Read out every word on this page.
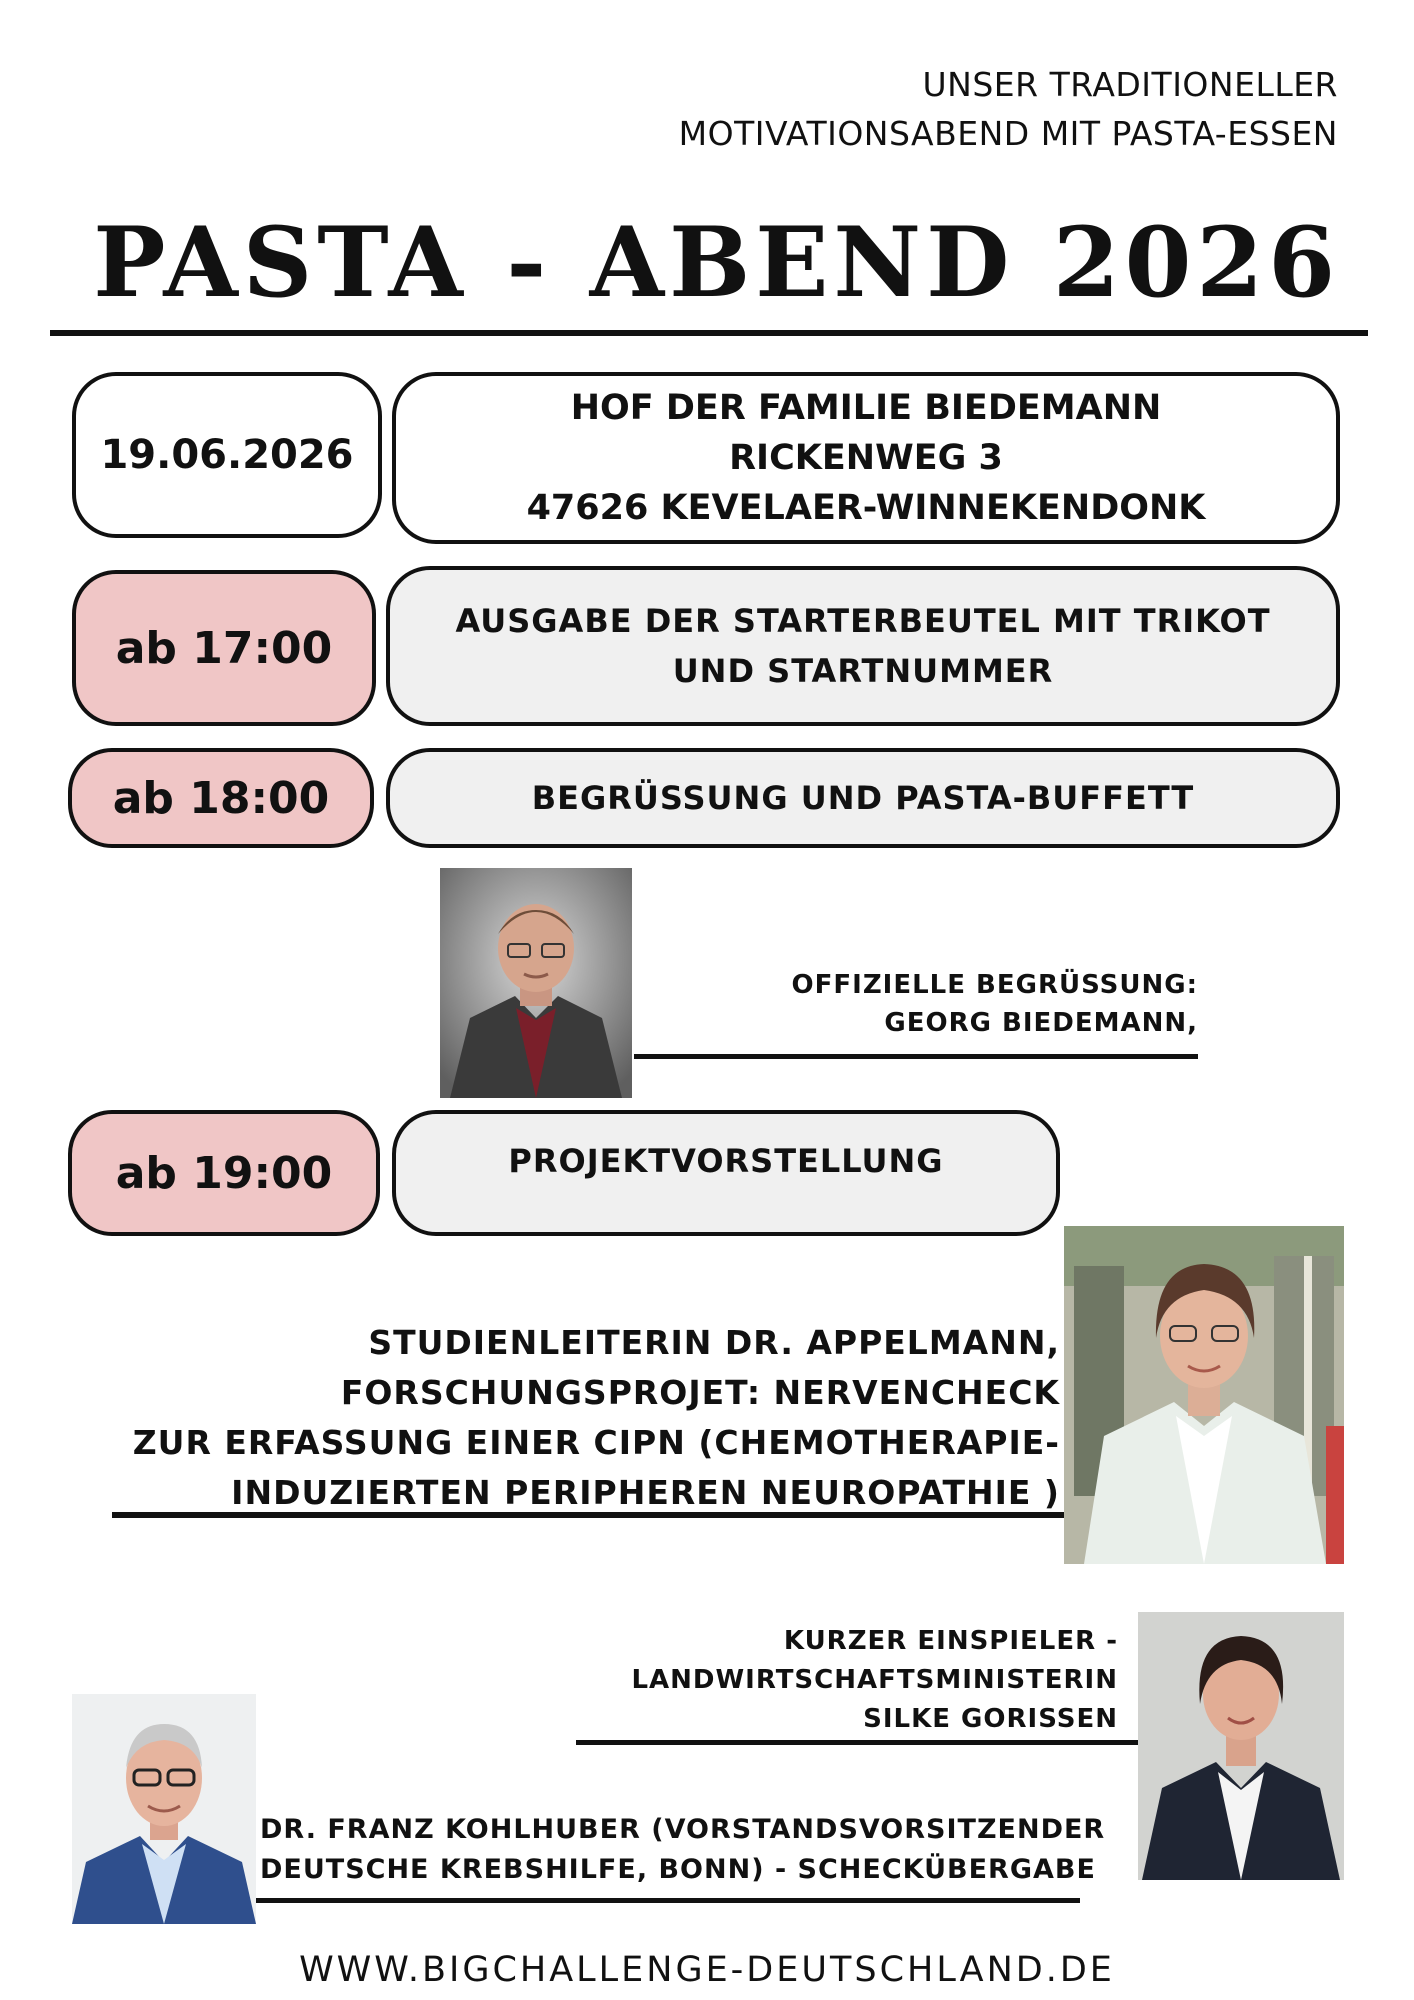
UNSER TRADITIONELLER
MOTIVATIONSABEND MIT PASTA-ESSEN
PASTA - ABEND 2026
19.06.2026
HOF DER FAMILIE BIEDEMANN
RICKENWEG 3
47626 KEVELAER-WINNEKENDONK
ab 17:00
AUSGABE DER STARTERBEUTEL MIT TRIKOT
UND STARTNUMMER
ab 18:00	BEGRÜSSUNG UND PASTA-BUFFETT
OFFIZIELLE BEGRÜSSUNG:
GEORG BIEDEMANN,
ab 19:00	PROJEKTVORSTELLUNG
STUDIENLEITERIN DR. APPELMANN,
FORSCHUNGSPROJET: NERVENCHECK
ZUR ERFASSUNG EINER CIPN (CHEMOTHERAPIE-
INDUZIERTEN PERIPHEREN NEUROPATHIE )
KURZER EINSPIELER -
LANDWIRTSCHAFTSMINISTERIN
SILKE GORISSEN
DR. FRANZ KOHLHUBER (VORSTANDSVORSITZENDER
DEUTSCHE KREBSHILFE, BONN) - SCHECKÜBERGABE
WWW.BIGCHALLENGE-DEUTSCHLAND.DE
